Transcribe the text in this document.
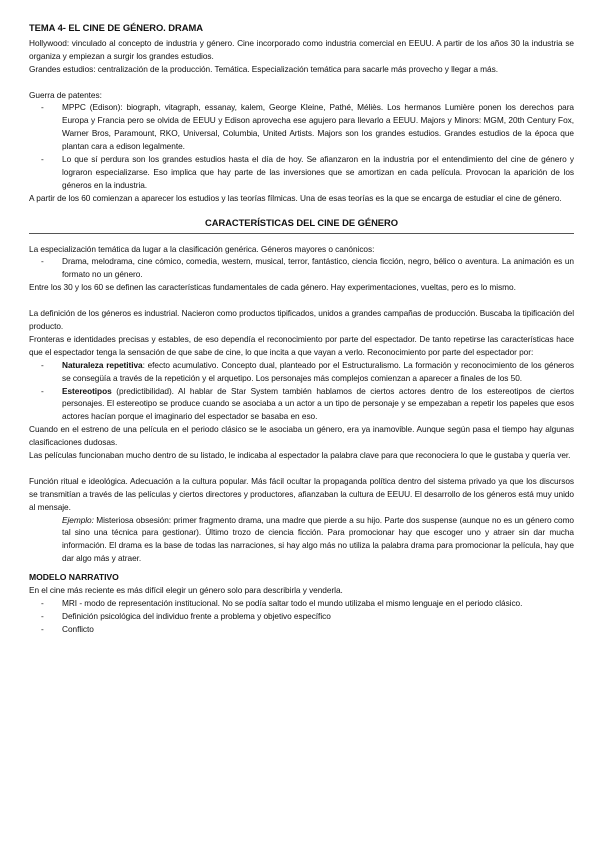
TEMA 4- EL CINE DE GÉNERO. DRAMA

Hollywood: vinculado al concepto de industria y género. Cine incorporado como industria comercial en EEUU. A partir de los años 30 la industria se organiza y empiezan a surgir los grandes estudios.

Grandes estudios: centralización de la producción. Temática. Especialización temática para sacarle más provecho y llegar a más.

Guerra de patentes:

- MPPC (Edison): biograph, vitagraph, essanay, kalem, George Kleine, Pathé, Méliès. Los hermanos Lumière ponen los derechos para Europa y Francia pero se olvida de EEUU y Edison aprovecha ese agujero para llevarlo a EEUU. Majors y Minors: MGM, 20th Century Fox, Warner Bros, Paramount, RKO, Universal, Columbia, United Artists. Majors son los grandes estudios. Grandes estudios de la época que plantan cara a edison legalmente.
- Lo que sí perdura son los grandes estudios hasta el día de hoy. Se afianzaron en la industria por el entendimiento del cine de género y lograron especializarse. Eso implica que hay parte de las inversiones que se amortizan en cada película. Provocan la aparición de los géneros en la industria.

A partir de los 60 comienzan a aparecer los estudios y las teorías fílmicas. Una de esas teorías es la que se encarga de estudiar el cine de género.

CARACTERÍSTICAS DEL CINE DE GÉNERO

La especialización temática da lugar a la clasificación genérica. Géneros mayores o canónicos:

- Drama, melodrama, cine cómico, comedia, western, musical, terror, fantástico, ciencia ficción, negro, bélico o aventura. La animación es un formato no un género.

Entre los 30 y los 60 se definen las características fundamentales de cada género. Hay experimentaciones, vueltas, pero es lo mismo.

La definición de los géneros es industrial. Nacieron como productos tipificados, unidos a grandes campañas de producción. Buscaba la tipificación del producto.

Fronteras e identidades precisas y estables, de eso dependía el reconocimiento por parte del espectador. De tanto repetirse las características hace que el espectador tenga la sensación de que sabe de cine, lo que incita a que vayan a verlo. Reconocimiento por parte del espectador por:

- Naturaleza repetitiva: efecto acumulativo. Concepto dual, planteado por el Estructuralismo. La formación y reconocimiento de los géneros se consegüía a través de la repetición y el arquetipo. Los personajes más complejos comienzan a aparecer a finales de los 50.
- Estereotipos (predictibilidad). Al hablar de Star System también hablamos de ciertos actores dentro de los estereotipos de ciertos personajes. El estereotipo se produce cuando se asociaba a un actor a un tipo de personaje y se empezaban a repetir los papeles que esos actores hacían porque el imaginario del espectador se basaba en eso.

Cuando en el estreno de una película en el periodo clásico se le asociaba un género, era ya inamovible. Aunque según pasa el tiempo hay algunas clasificaciones dudosas.

Las películas funcionaban mucho dentro de su listado, le indicaba al espectador la palabra clave para que reconociera lo que le gustaba y quería ver.

Función ritual e ideológica. Adecuación a la cultura popular. Más fácil ocultar la propaganda política dentro del sistema privado ya que los discursos se transmitían a través de las películas y ciertos directores y productores, afianzaban la cultura de EEUU. El desarrollo de los géneros está muy unido al mensaje.

Ejemplo: Misteriosa obsesión: primer fragmento drama, una madre que pierde a su hijo. Parte dos suspense (aunque no es un género como tal sino una técnica para gestionar). Último trozo de ciencia ficción. Para promocionar hay que escoger uno y atraer sin dar mucha información. El drama es la base de todas las narraciones, si hay algo más no utiliza la palabra drama para promocionar la película, hay que dar algo más y atraer.

MODELO NARRATIVO

En el cine más reciente es más difícil elegir un género solo para describirla y venderla.

- MRI - modo de representación institucional. No se podía saltar todo el mundo utilizaba el mismo lenguaje en el periodo clásico.
- Definición psicológica del individuo frente a problema y objetivo específico
- Conflicto
